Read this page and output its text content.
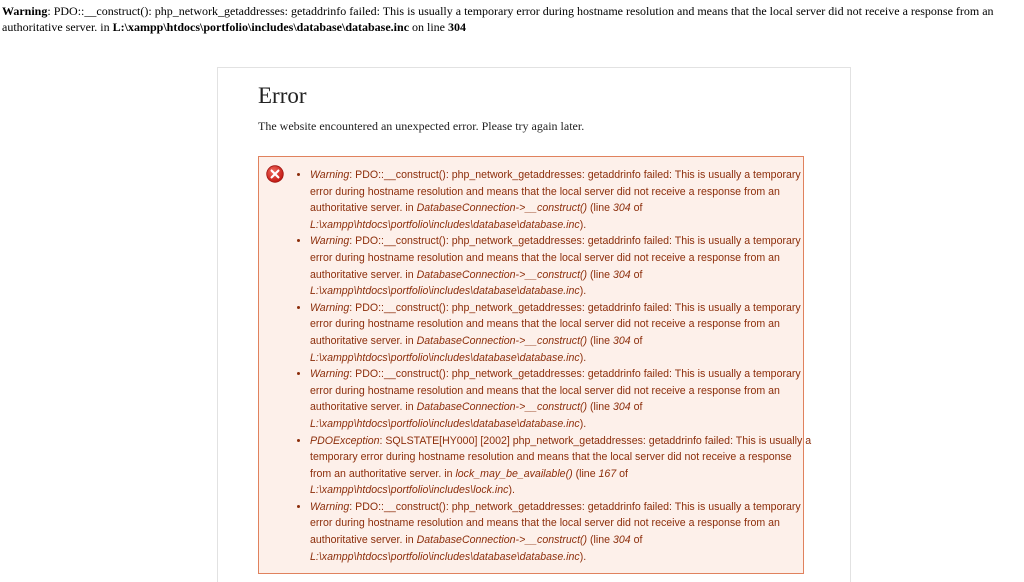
Warning: PDO::__construct(): php_network_getaddresses: getaddrinfo failed: This is usually a temporary error during hostname resolution and means that the local server did not receive a response from an authoritative server. in L:\xampp\htdocs\portfolio\includes\database\database.inc on line 304
Error

The website encountered an unexpected error. Please try again later.

• Warning: PDO::__construct(): php_network_getaddresses: getaddrinfo failed: This is usually a temporary error during hostname resolution and means that the local server did not receive a response from an authoritative server. in DatabaseConnection->__construct() (line 304 of L:\xampp\htdocs\portfolio\includes\database\database.inc).
• Warning: PDO::__construct(): php_network_getaddresses: getaddrinfo failed: This is usually a temporary error during hostname resolution and means that the local server did not receive a response from an authoritative server. in DatabaseConnection->__construct() (line 304 of L:\xampp\htdocs\portfolio\includes\database\database.inc).
• Warning: PDO::__construct(): php_network_getaddresses: getaddrinfo failed: This is usually a temporary error during hostname resolution and means that the local server did not receive a response from an authoritative server. in DatabaseConnection->__construct() (line 304 of L:\xampp\htdocs\portfolio\includes\database\database.inc).
• Warning: PDO::__construct(): php_network_getaddresses: getaddrinfo failed: This is usually a temporary error during hostname resolution and means that the local server did not receive a response from an authoritative server. in DatabaseConnection->__construct() (line 304 of L:\xampp\htdocs\portfolio\includes\database\database.inc).
• PDOException: SQLSTATE[HY000] [2002] php_network_getaddresses: getaddrinfo failed: This is usually a temporary error during hostname resolution and means that the local server did not receive a response from an authoritative server. in lock_may_be_available() (line 167 of L:\xampp\htdocs\portfolio\includes\lock.inc).
• Warning: PDO::__construct(): php_network_getaddresses: getaddrinfo failed: This is usually a temporary error during hostname resolution and means that the local server did not receive a response from an authoritative server. in DatabaseConnection->__construct() (line 304 of L:\xampp\htdocs\portfolio\includes\database\database.inc).
